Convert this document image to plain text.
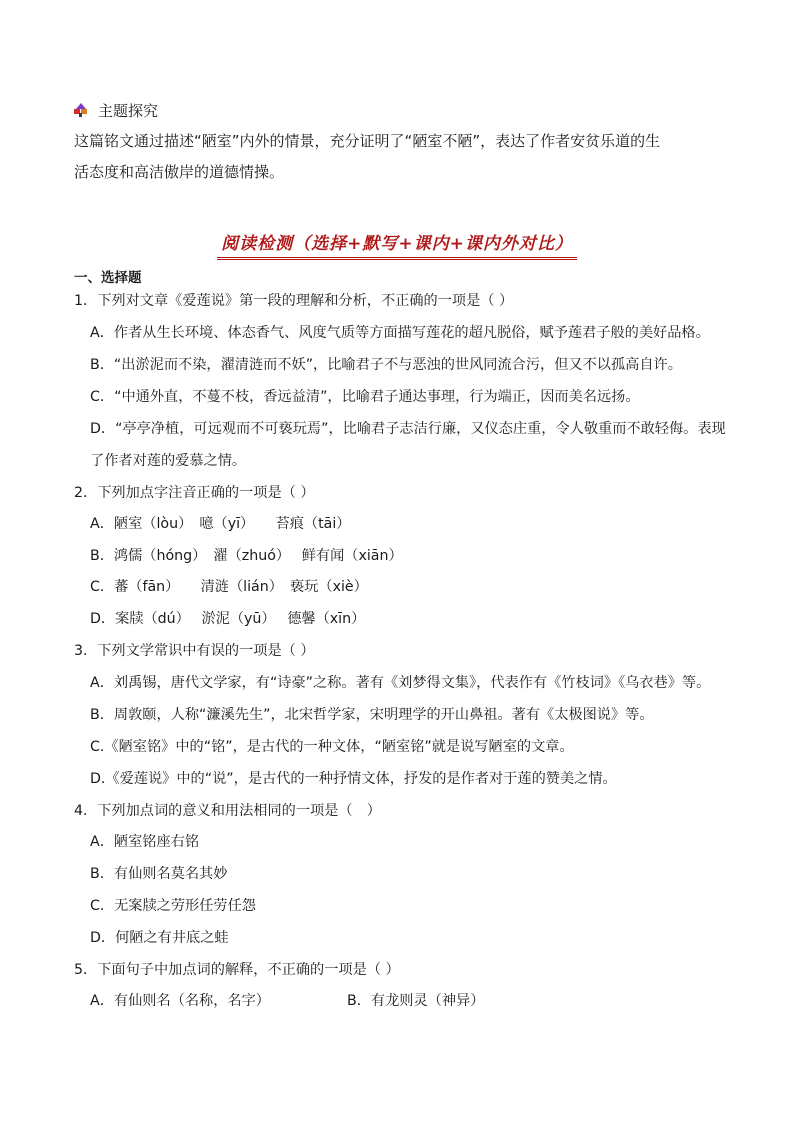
主题探究
这篇铭文通过描述“陋室”内外的情景，充分证明了“陋室不陋”，表达了作者安贫乐道的生
活态度和高洁傲岸的道德情操。
阅读检测（选择+默写+课内+课内外对比）
一、选择题
1．下列对文章《爱莲说》第一段的理解和分析，不正确的一项是（ ）
A．作者从生长环境、体态香气、风度气质等方面描写莲花的超凡脱俗，赋予莲君子般的美好品格。
B．“出淤泥而不染，濯清涟而不妖”，比喻君子不与恶浊的世风同流合污，但又不以孤高自许。
C．“中通外直，不蔓不枝，香远益清”，比喻君子通达事理，行为端正，因而美名远扬。
D．“亭亭净植，可远观而不可亵玩焉”，比喻君子志洁行廉，又仪态庄重，令人敬重而不敢轻侮。表现
了作者对莲的爱慕之情。
2．下列加点字注音正确的一项是（ ）
A．陋室（lòu）　噫（yī）　　苔痕（tāi）
B．鸿儒（hóng）　濯（zhuó）　 鲜有闻（xiān）
C．蕃（fān）　　清涟（lián）　亵玩（xiè）
D．案牍（dú）　 淤泥（yū）　 德馨（xīn）
3．下列文学常识中有误的一项是（ ）
A．刘禹锡，唐代文学家，有“诗豪”之称。著有《刘梦得文集》，代表作有《竹枝词》《乌衣巷》等。
B．周敦颐，人称“濂溪先生”，北宋哲学家，宋明理学的开山鼻祖。著有《太极图说》等。
C.《陋室铭》中的“铭”，是古代的一种文体，“陋室铭”就是说写陋室的文章。
D.《爱莲说》中的“说”，是古代的一种抒情文体，抒发的是作者对于莲的赞美之情。
4．下列加点词的意义和用法相同的一项是（　）
A．陋室铭座右铭
B．有仙则名莫名其妙
C．无案牍之劳形任劳任怨
D．何陋之有井底之蛙
5．下面句子中加点词的解释，不正确的一项是（ ）
A．有仙则名（名称，名字）	B．有龙则灵（神异）
